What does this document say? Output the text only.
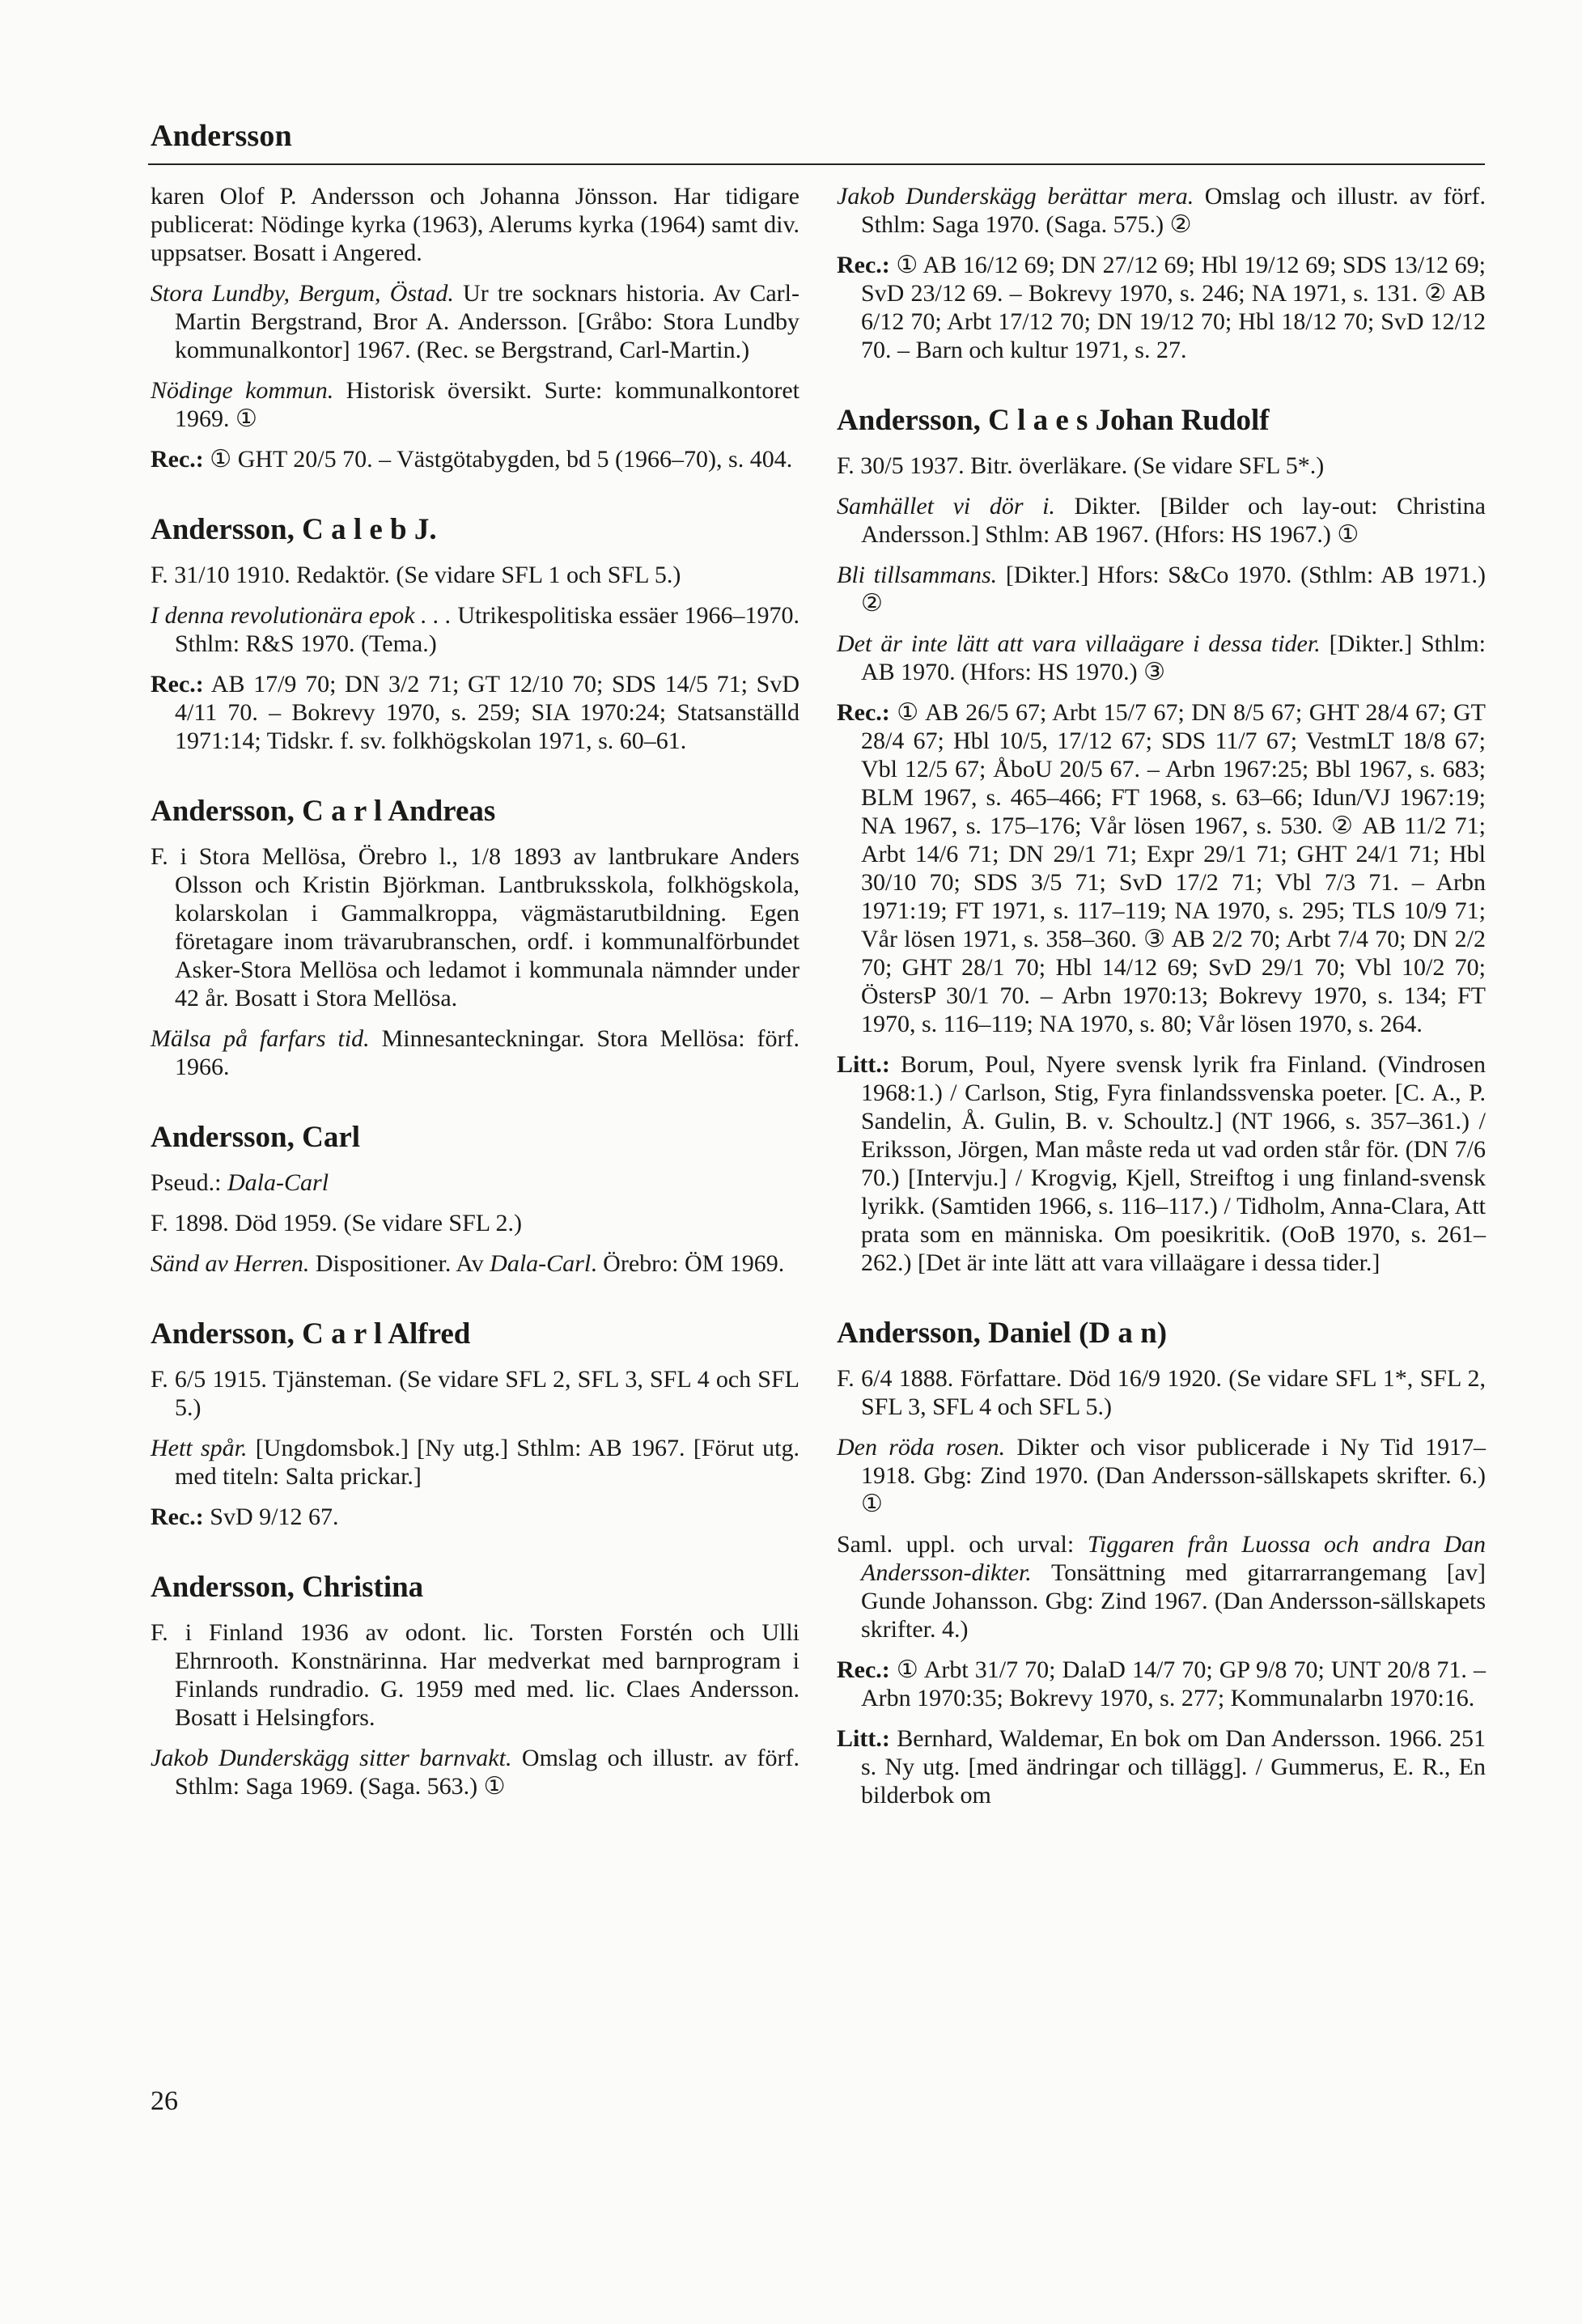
Andersson

karen Olof P. Andersson och Johanna Jönsson. Har tidigare publicerat: Nödinge kyrka (1963), Alerums kyrka (1964) samt div. uppsatser. Bosatt i Angered.

Stora Lundby, Bergum, Östad. Ur tre socknars historia. Av Carl-Martin Bergstrand, Bror A. Andersson. [Gråbo: Stora Lundby kommunalkontor] 1967. (Rec. se Bergstrand, Carl-Martin.)

Nödinge kommun. Historisk översikt. Surte: kommunalkontoret 1969. ①

Rec.: ① GHT 20/5 70. – Västgötabygden, bd 5 (1966–70), s. 404.

Andersson, C a l e b J.

F. 31/10 1910. Redaktör. (Se vidare SFL 1 och SFL 5.)

I denna revolutionära epok . . . Utrikespolitiska essäer 1966–1970. Sthlm: R&S 1970. (Tema.)

Rec.: AB 17/9 70; DN 3/2 71; GT 12/10 70; SDS 14/5 71; SvD 4/11 70. – Bokrevy 1970, s. 259; SIA 1970:24; Statsanställd 1971:14; Tidskr. f. sv. folkhögskolan 1971, s. 60–61.

Andersson, C a r l Andreas

F. i Stora Mellösa, Örebro l., 1/8 1893 av lantbrukare Anders Olsson och Kristin Björkman. Lantbruksskola, folkhögskola, kolarskolan i Gammalkroppa, vägmästarutbildning. Egen företagare inom trävarubranschen, ordf. i kommunalförbundet Asker-Stora Mellösa och ledamot i kommunala nämnder under 42 år. Bosatt i Stora Mellösa.

Mälsa på farfars tid. Minnesanteckningar. Stora Mellösa: förf. 1966.

Andersson, Carl

Pseud.: Dala-Carl

F. 1898. Död 1959. (Se vidare SFL 2.)

Sänd av Herren. Dispositioner. Av Dala-Carl. Örebro: ÖM 1969.

Andersson, C a r l Alfred

F. 6/5 1915. Tjänsteman. (Se vidare SFL 2, SFL 3, SFL 4 och SFL 5.)

Hett spår. [Ungdomsbok.] [Ny utg.] Sthlm: AB 1967. [Förut utg. med titeln: Salta prickar.]

Rec.: SvD 9/12 67.

Andersson, Christina

F. i Finland 1936 av odont. lic. Torsten Forstén och Ulli Ehrnrooth. Konstnärinna. Har medverkat med barnprogram i Finlands rundradio. G. 1959 med med. lic. Claes Andersson. Bosatt i Helsingfors.

Jakob Dunderskägg sitter barnvakt. Omslag och illustr. av förf. Sthlm: Saga 1969. (Saga. 563.) ①

Jakob Dunderskägg berättar mera. Omslag och illustr. av förf. Sthlm: Saga 1970. (Saga. 575.) ②

Rec.: ① AB 16/12 69; DN 27/12 69; Hbl 19/12 69; SDS 13/12 69; SvD 23/12 69. – Bokrevy 1970, s. 246; NA 1971, s. 131. ② AB 6/12 70; Arbt 17/12 70; DN 19/12 70; Hbl 18/12 70; SvD 12/12 70. – Barn och kultur 1971, s. 27.

Andersson, C l a e s Johan Rudolf

F. 30/5 1937. Bitr. överläkare. (Se vidare SFL 5*.)

Samhället vi dör i. Dikter. [Bilder och lay-out: Christina Andersson.] Sthlm: AB 1967. (Hfors: HS 1967.) ①

Bli tillsammans. [Dikter.] Hfors: S&Co 1970. (Sthlm: AB 1971.) ②

Det är inte lätt att vara villaägare i dessa tider. [Dikter.] Sthlm: AB 1970. (Hfors: HS 1970.) ③

Rec.: ① AB 26/5 67; Arbt 15/7 67; DN 8/5 67; GHT 28/4 67; GT 28/4 67; Hbl 10/5, 17/12 67; SDS 11/7 67; VestmLT 18/8 67; Vbl 12/5 67; ÅboU 20/5 67. – Arbn 1967:25; Bbl 1967, s. 683; BLM 1967, s. 465–466; FT 1968, s. 63–66; Idun/VJ 1967:19; NA 1967, s. 175–176; Vår lösen 1967, s. 530. ② AB 11/2 71; Arbt 14/6 71; DN 29/1 71; Expr 29/1 71; GHT 24/1 71; Hbl 30/10 70; SDS 3/5 71; SvD 17/2 71; Vbl 7/3 71. – Arbn 1971:19; FT 1971, s. 117–119; NA 1970, s. 295; TLS 10/9 71; Vår lösen 1971, s. 358–360. ③ AB 2/2 70; Arbt 7/4 70; DN 2/2 70; GHT 28/1 70; Hbl 14/12 69; SvD 29/1 70; Vbl 10/2 70; ÖstersP 30/1 70. – Arbn 1970:13; Bokrevy 1970, s. 134; FT 1970, s. 116–119; NA 1970, s. 80; Vår lösen 1970, s. 264.

Litt.: Borum, Poul, Nyere svensk lyrik fra Finland. (Vindrosen 1968:1.) / Carlson, Stig, Fyra finlandssvenska poeter. [C. A., P. Sandelin, Å. Gulin, B. v. Schoultz.] (NT 1966, s. 357–361.) / Eriksson, Jörgen, Man måste reda ut vad orden står för. (DN 7/6 70.) [Intervju.] / Krogvig, Kjell, Streiftog i ung finland-svensk lyrikk. (Samtiden 1966, s. 116–117.) / Tidholm, Anna-Clara, Att prata som en människa. Om poesikritik. (OoB 1970, s. 261–262.) [Det är inte lätt att vara villaägare i dessa tider.]

Andersson, Daniel (D a n)

F. 6/4 1888. Författare. Död 16/9 1920. (Se vidare SFL 1*, SFL 2, SFL 3, SFL 4 och SFL 5.)

Den röda rosen. Dikter och visor publicerade i Ny Tid 1917–1918. Gbg: Zind 1970. (Dan Andersson-sällskapets skrifter. 6.) ①

Saml. uppl. och urval: Tiggaren från Luossa och andra Dan Andersson-dikter. Tonsättning med gitarrarrangemang [av] Gunde Johansson. Gbg: Zind 1967. (Dan Andersson-sällskapets skrifter. 4.)

Rec.: ① Arbt 31/7 70; DalaD 14/7 70; GP 9/8 70; UNT 20/8 71. – Arbn 1970:35; Bokrevy 1970, s. 277; Kommunalarbn 1970:16.

Litt.: Bernhard, Waldemar, En bok om Dan Andersson. 1966. 251 s. Ny utg. [med ändringar och tillägg]. / Gummerus, E. R., En bilderbok om

26
